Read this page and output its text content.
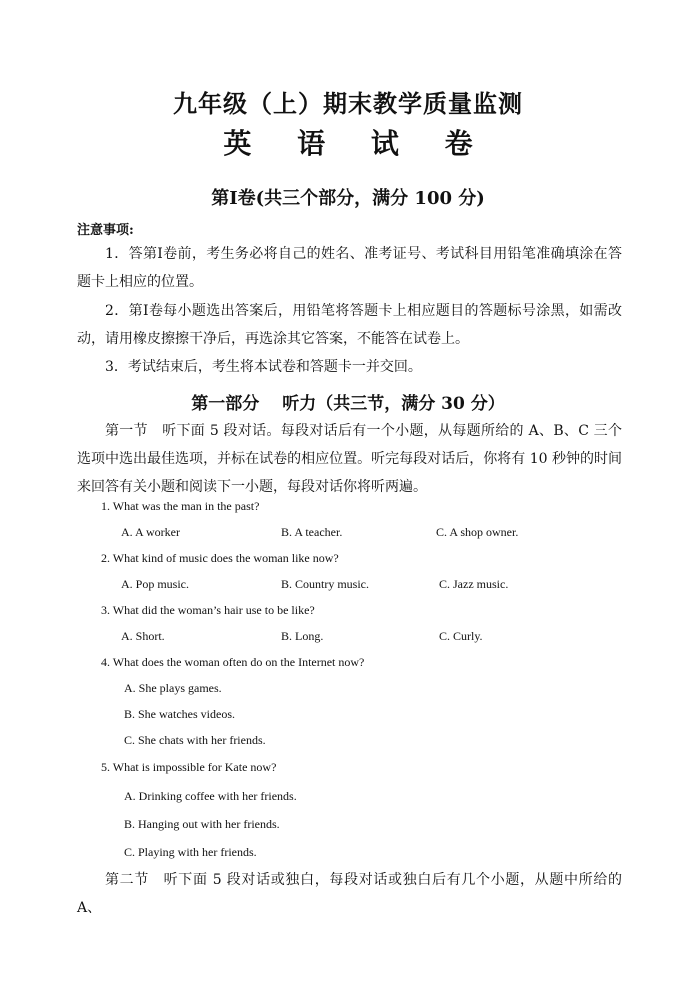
九年级（上）期末教学质量监测
英 语 试 卷
第Ⅰ卷(共三个部分，满分 100 分)
注意事项:
1．答第Ⅰ卷前，考生务必将自己的姓名、准考证号、考试科目用铅笔准确填涂在答题卡上相应的位置。
2．第Ⅰ卷每小题选出答案后，用铅笔将答题卡上相应题目的答题标号涂黑，如需改动，请用橡皮擦擦干净后，再选涂其它答案，不能答在试卷上。
3．考试结束后，考生将本试卷和答题卡一并交回。
第一部分　 听力（共三节，满分 30 分）
第一节　听下面 5 段对话。每段对话后有一个小题，从每题所给的 A、B、C 三个选项中选出最佳选项，并标在试卷的相应位置。听完每段对话后，你将有 10 秒钟的时间来回答有关小题和阅读下一小题，每段对话你将听两遍。
1. What was the man in the past?
A. A worker	B. A teacher.	C. A shop owner.
2. What kind of music does the woman like now?
A. Pop music.	B. Country music.	C. Jazz music.
3. What did the woman’s hair use to be like?
A. Short.	B. Long.	C. Curly.
4. What does the woman often do on the Internet now?
A. She plays games.
B. She watches videos.
C. She chats with her friends.
5. What is impossible for Kate now?
A. Drinking coffee with her friends.
B. Hanging out with her friends.
C. Playing with her friends.
第二节　听下面 5 段对话或独白，每段对话或独白后有几个小题，从题中所给的 A、
